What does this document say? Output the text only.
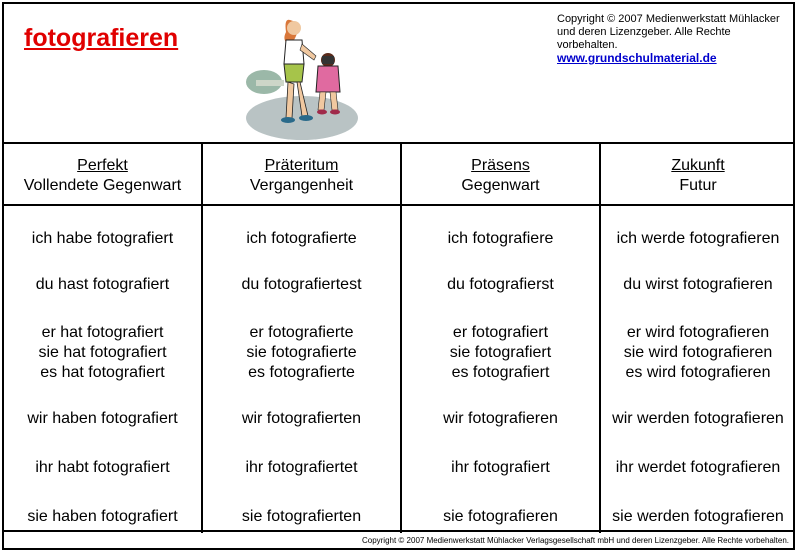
fotografieren
Copyright © 2007 Medienwerkstatt Mühlacker
und deren Lizenzgeber. Alle Rechte vorbehalten.
www.grundschulmaterial.de
Perfekt
Vollendete Gegenwart
ich habe fotografiert
du hast fotografiert
er hat fotografiert
sie hat fotografiert
es hat fotografiert
wir haben fotografiert
ihr habt fotografiert
sie haben fotografiert
Präteritum
Vergangenheit
ich fotografierte
du fotografiertest
er fotografierte
sie fotografierte
es fotografierte
wir fotografierten
ihr fotografiertet
sie fotografierten
Präsens
Gegenwart
ich fotografiere
du fotografierst
er fotografiert
sie fotografiert
es fotografiert
wir fotografieren
ihr fotografiert
sie fotografieren
Zukunft
Futur
ich werde fotografieren
du wirst fotografieren
er wird fotografieren
sie wird fotografieren
es wird fotografieren
wir werden fotografieren
ihr werdet fotografieren
sie werden fotografieren
Copyright © 2007 Medienwerkstatt Mühlacker Verlagsgesellschaft mbH und deren Lizenzgeber. Alle Rechte vorbehalten.
